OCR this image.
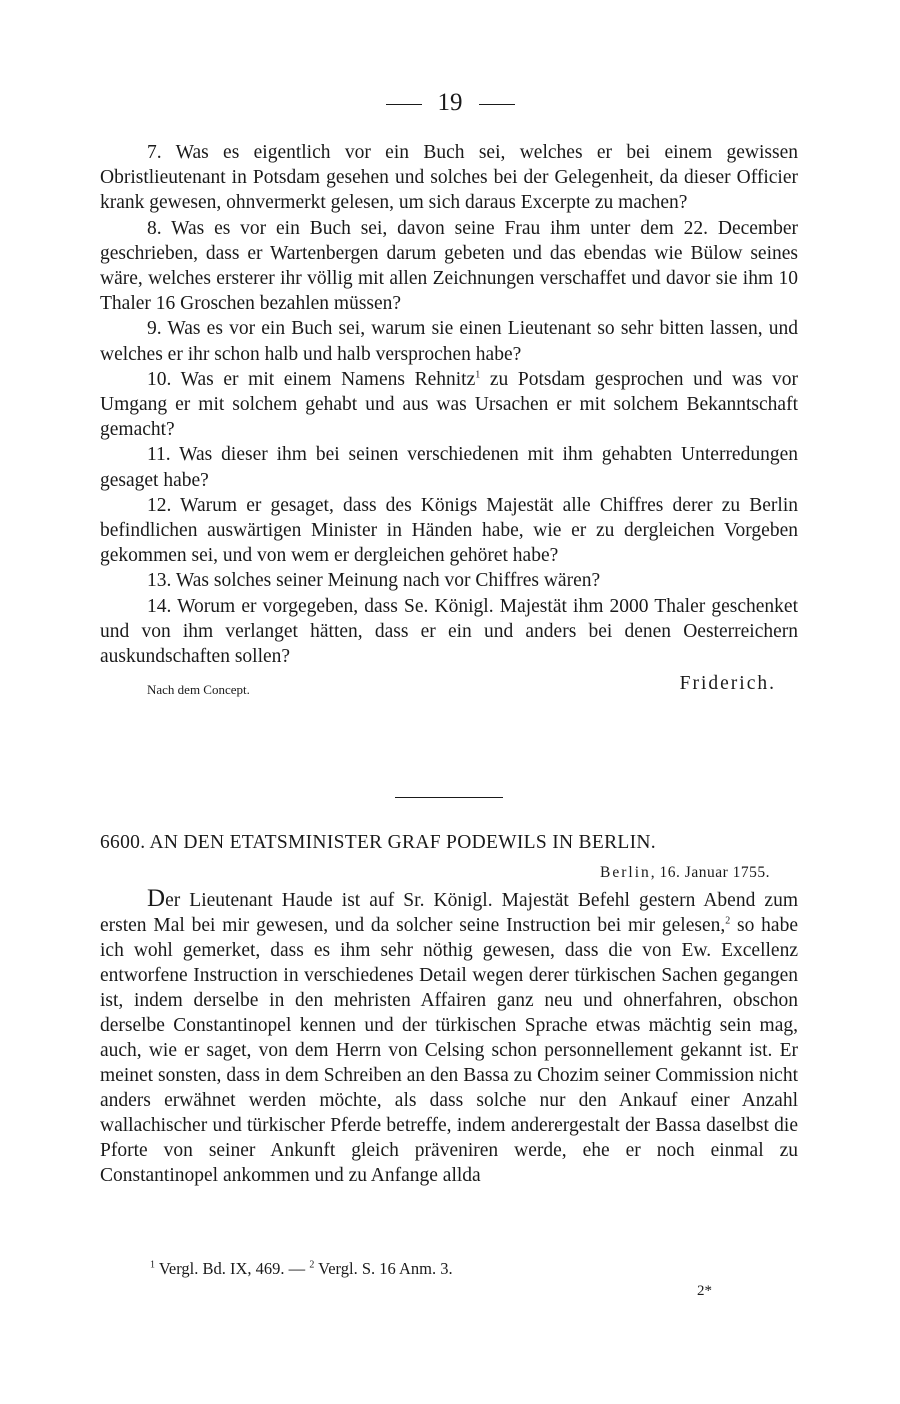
19

7. Was es eigentlich vor ein Buch sei, welches er bei einem gewissen Obristlieutenant in Potsdam gesehen und solches bei der Gelegenheit, da dieser Officier krank gewesen, ohnvermerkt gelesen, um sich daraus Excerpte zu machen?

8. Was es vor ein Buch sei, davon seine Frau ihm unter dem 22. December geschrieben, dass er Wartenbergen darum gebeten und das ebendas wie Bülow seines wäre, welches ersterer ihr völlig mit allen Zeichnungen verschaffet und davor sie ihm 10 Thaler 16 Groschen bezahlen müssen?

9. Was es vor ein Buch sei, warum sie einen Lieutenant so sehr bitten lassen, und welches er ihr schon halb und halb versprochen habe?

10. Was er mit einem Namens Rehnitz$^1$ zu Potsdam gesprochen und was vor Umgang er mit solchem gehabt und aus was Ursachen er mit solchem Bekanntschaft gemacht?

11. Was dieser ihm bei seinen verschiedenen mit ihm gehabten Unterredungen gesaget habe?

12. Warum er gesaget, dass des Königs Majestät alle Chiffres derer zu Berlin befindlichen auswärtigen Minister in Händen habe, wie er zu dergleichen Vorgeben gekommen sei, und von wem er dergleichen gehöret habe?

13. Was solches seiner Meinung nach vor Chiffres wären?

14. Worum er vorgegeben, dass Se. Königl. Majestät ihm 2000 Thaler geschenket und von ihm verlanget hätten, dass er ein und anders bei denen Oesterreichern auskundschaften sollen?

Nach dem Concept.	Friderich.
6600. AN DEN ETATSMINISTER GRAF PODEWILS IN BERLIN.
Berlin, 16. Januar 1755.

Der Lieutenant Haude ist auf Sr. Königl. Majestät Befehl gestern Abend zum ersten Mal bei mir gewesen, und da solcher seine Instruction bei mir gelesen,$^2$ so habe ich wohl gemerket, dass es ihm sehr nöthig gewesen, dass die von Ew. Excellenz entworfene Instruction in verschiedenes Detail wegen derer türkischen Sachen gegangen ist, indem derselbe in den mehristen Affairen ganz neu und ohnerfahren, obschon derselbe Constantinopel kennen und der türkischen Sprache etwas mächtig sein mag, auch, wie er saget, von dem Herrn von Celsing schon personnellement gekannt ist. Er meinet sonsten, dass in dem Schreiben an den Bassa zu Chozim seiner Commission nicht anders erwähnet werden möchte, als dass solche nur den Ankauf einer Anzahl wallachischer und türkischer Pferde betreffe, indem anderergestalt der Bassa daselbst die Pforte von seiner Ankunft gleich präveniren werde, ehe er noch einmal zu Constantinopel ankommen und zu Anfange allda

$^1$ Vergl. Bd. IX, 469. — $^2$ Vergl. S. 16 Anm. 3.
2*
